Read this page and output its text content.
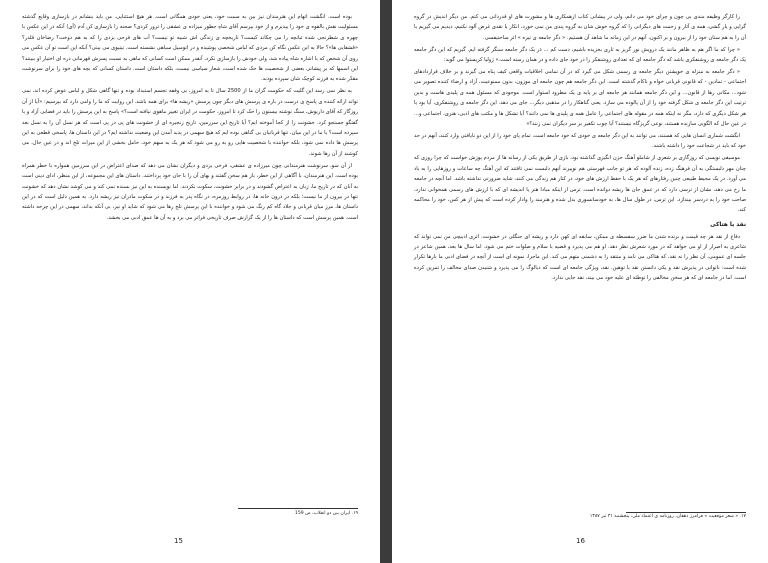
بوده است. انگشت اتهام این هنرمندان نیز بین به سمت خود، یعنی خودی همگانی است. هر هیچ استثنایی. من باید بنشانم در بازسازی وقایع گذشته مسئولیت نقش بالقوه ی خود را بپذیرم و از خود بپرسم آقای شاهِ جطور میزاده ی عشقی را ترور کردی؟ صحنه را بازسازی کن آدم‌ (آی)‌ آنکه در این عکس با چهره ی شطرنجی شده ثبانچه را می‌ چکاند کیست؟ تاریخچه ی زندگی اش شبیه تو نیست؟ آب های فرحی بزدی را که به هم دوخت؟ رضاخان قلدر؟ «قشقایی ها»؟ حالا به این عکس نگاه کن مردی که لباس شخصی پوشیده و در اتومبیل سیاهی نشسته است. نیتیوی می‌ بینی؟ آنکه این است تو آن عکس می‌ روی آن شخص که با اشاره شاه پیاده شد، ولی خودش را بازسازی نکرد، آنقدر ممکن است کسانی که ماهی به نسبت پسرش قهرمانی ذره‌ ای اختیار او ببینند؟ این اسمها که بر پیشانی بعضی از شخصیت‌ ها حک شده است، شعار سیاسی نیست، بلکه داستان است. داستان کسانی که بچه‌ های خود را برای سرنوشت مقدّر شده به فرزند کوچک‌ شان سپرده بودند.

به نظر نمی رسد این گلیت که حکومت گران ما از 2500 سال تا به امروز، بی وقفه تجسم استبداد بوده و تنها گاهی شکل و لباس عوض کرده اند، نمی تواند ارائه کننده ی پاسخ ی درست در باره ی پرسش های دیگر چون پرسش «ریشه ها» برای همه باشد. این روایت که ما را وامی دارد که بپرسیم: «آیا از آن روزگار که آقای داریوش، سنگ نوشته بیستون را حک کرد تا امروز، حکومت در ایران تغییر ماهوی نیافته است؟» پاسخ به این پرسش را باید در فضایی آزاد و با گفتگو جستجو کرد. خشونت را از کجا آموخته ایم؟ آیا تاریخ این سرزمین، تاریخ زنجیره ای از خشونت های پی در پی است که هر نسل آن را به نسل بعد سپرده است؟ یا ما در این میان، تنها قربانیان بی گناهی بوده ایم که هیچ سهمی در پدید آمدن این وضعیت نداشته ایم؟ در این داستان ها، پاسخی قطعی به این پرسش ها داده نمی شود، بلکه خواننده با شخصیت هایی رو به رو می شود که هر یک به سهم خود، حامل بخشی از این میراث تلخ اند و در عین حال، می کوشند از آن رها شوند.

از آن سو، سرنوشت هنرمندانی چون میرزاده ی عشقی، فرخی یزدی و دیگران نشان می دهد که صدای اعتراض در این سرزمین همواره با خطر همراه بوده است. این هنرمندان، با آگاهی از این خطر، باز هم سخن گفتند و بهای آن را با جان خود پرداختند. داستان های این مجموعه، از این منظر، ادای دینی است به آنان که در تاریخ ما، زبان به اعتراض گشودند و در برابر خشونت، سکوت نکردند. اما نویسنده به این نیز بسنده نمی کند و می کوشد نشان دهد که خشونت تنها در بیرون از ما نیست؛ بلکه در درون خانه ها، در روابط روزمره، در نگاه پدر به فرزند و در سکوت مادران نیز ریشه دارد. به همین دلیل است که در این داستان ها، مرز میان قربانی و جلاد گاه کم رنگ می شود و خواننده با این پرسش تلخ رها می شود که شاید او نیز، بی آنکه بداند، سهمی در این چرخه داشته است. همین پرسش است که داستان ها را از یک گزارش صرف تاریخی فراتر می برد و به آن ها عمق ادبی می بخشد.

۱۹. ایران بین دو انقلاب، ص 159
15

را کارگر وظیفه مندی بی چون و چرای خود می دانم، ولی در پیشانی کتاب ازهمکاری ها و مشورت های او قدردانی می کنم. من دیگر اندیش در گروه گرایی و یار گشی، همه ی آثار و زحمت های دیگرانی را که گروه خوش شان به گروه پندی من نمی خورد، انکار یا نقدی غرض آلود نکنیم، دیدیم می گیریم یا آن را به هم ستان خود را از بیرون و بر اکنون، آنهم در این زمانه ما شاهد آن هستیم. « دگر جامعه ی تیره » اثر ساحتیفسی.

« چرا که ما اگر هم به ظاهر مانند یک درویش نور گریز به تاری بخزیده باشیم، دست کم ... دَر یک دگر جامعه سنگر گرفته ایم. گیریم که این دگر جامعه یک دگر جامعه ی روشنفکری باشد که دگر جامعه ای که تعدادی روشنفکر را در خود جای داده و در همان رسته است.» ژولیا کریستوا می گوید:

« دگر جامعه به منزله ی خویشتن دیگر جامعه ی رسمی شکل می گیرد که در آن تمامی اخلاقیات واقعی کیف پناه می گیرند و بر خلاف قراردادهای اجتماعی - تمادین - که قانونی قربانی خواه و ناکام گذشته است. این دگر جامعه هم چون جامعه ای موزون، بدون ممنوعیت، آزاد و ارضاء کننده تصویر می شود... مکانی رها از قانون... و این دگر جامعه همانند هر جامعه ای بر پایه ی یک مطرود استوار است. موجودی که مسئول همه ی پلیدی هاست و بدین ترتیب این دگر جامعه ی شکل گرفته خود را از آن پالوده می سازد. یعنی گناهکار را در مذهبی دیگر... جای می دهد. این دگر جامعه ی روشنفکری، آیا بود یا هر شکل دیگری که دارد، مگر نه اینکه همه در مقوله های اجتماعی را عامل همه ی پلیدی ها نمی دانند؟ آیا تشکل ها و مکتب های ادبی، هنری، اجتماعی و... در عین حال که الگویی سازنده هستند، نوعی گریزگاه نیستند؟ آیا چوب تکفیر بر سر دیگران نمی زنند؟»

انگشت شماری انسان هایی که هستند، می توانند به این دگر جامعه ی خودی که خود جامعه است، تمام پای خود را از این دو نایافتی وارد کنند، آنهم در حد خود که باید در شجاعت خود را داشته باشند.

موسیقی نویسی که روزگاری بر شعری از شاملو آهنگ حزن انگیزی گذاشته بود، بازی از طریق یکی از رسانه ها از مردم پوزش خواست که چرا روزی که چنان مهر دلبستگی به آن فرهنگ زده، زنده آلوده که هر تو جانب فهرستی هم نوپیرند آنهم دلبست نمی تافتند که این آهنگ چه ساعات و روزهایی را به یاد می آورد. در یک محیط طبیعی چنین رفتارهای که هر یک با حفظ ارزش های خود، در کنار هم زندگی می کنند، شاید ضرورتی نداشته باشد. اما آنچه در جامعه ما رخ می دهد، نشان از ترسی دارد که در عمق جان ها ریشه دوانده است. ترس از اینکه مبادا هنر یا اندیشه ای که با ارزش های رسمی همخوانی ندارد، صاحب خود را به دردسر بیندازد. این ترس، در طول سال ها، به خودسانسوری بدل شده و هنرمند را وادار کرده است که پیش از هر کس، خود را محاکمه کند.

نقد یا هتاکی

دفاع از نقد هر چه قیمت و برنده شدن ما ضرر سفسطه ی ممکن، سابقه ای کهن دارد و ریشه ای جنگلی در خشونت. اثری ادبیچی من نمی تواند که شاعری به اصرار از او می خواهد که در مورد شعرش نظر دهد. او هم می پذیرد و قضیه با سلام و صلوات ختم می شود. اما سال ها بعد، همین شاعر در جلسه ای عمومی، آن نظر را نه نقد، که هتاکی می نامد و منتقد را به دشمنی متهم می کند. این ماجرا، نمونه ای است از آنچه در فضای ادبی ما بارها تکرار شده است: ناتوانی در پذیرش نقد و یکی دانستن نقد با توهین. نقد، ویژگی جامعه ای است که دیالوگ را می پذیرد و شنیدن صدای مخالف را تمرین کرده است. اما در جامعه ای که هر سخن مخالفی را توطئه ای علیه خود می بیند، نقد جایی ندارد.

۱۷. « شعر موقعیت » فرامرز دهقان، روزنامه ی اعتماد ملی، پنجشنبه ۳۱ تیر ۱۳۸۷
16
